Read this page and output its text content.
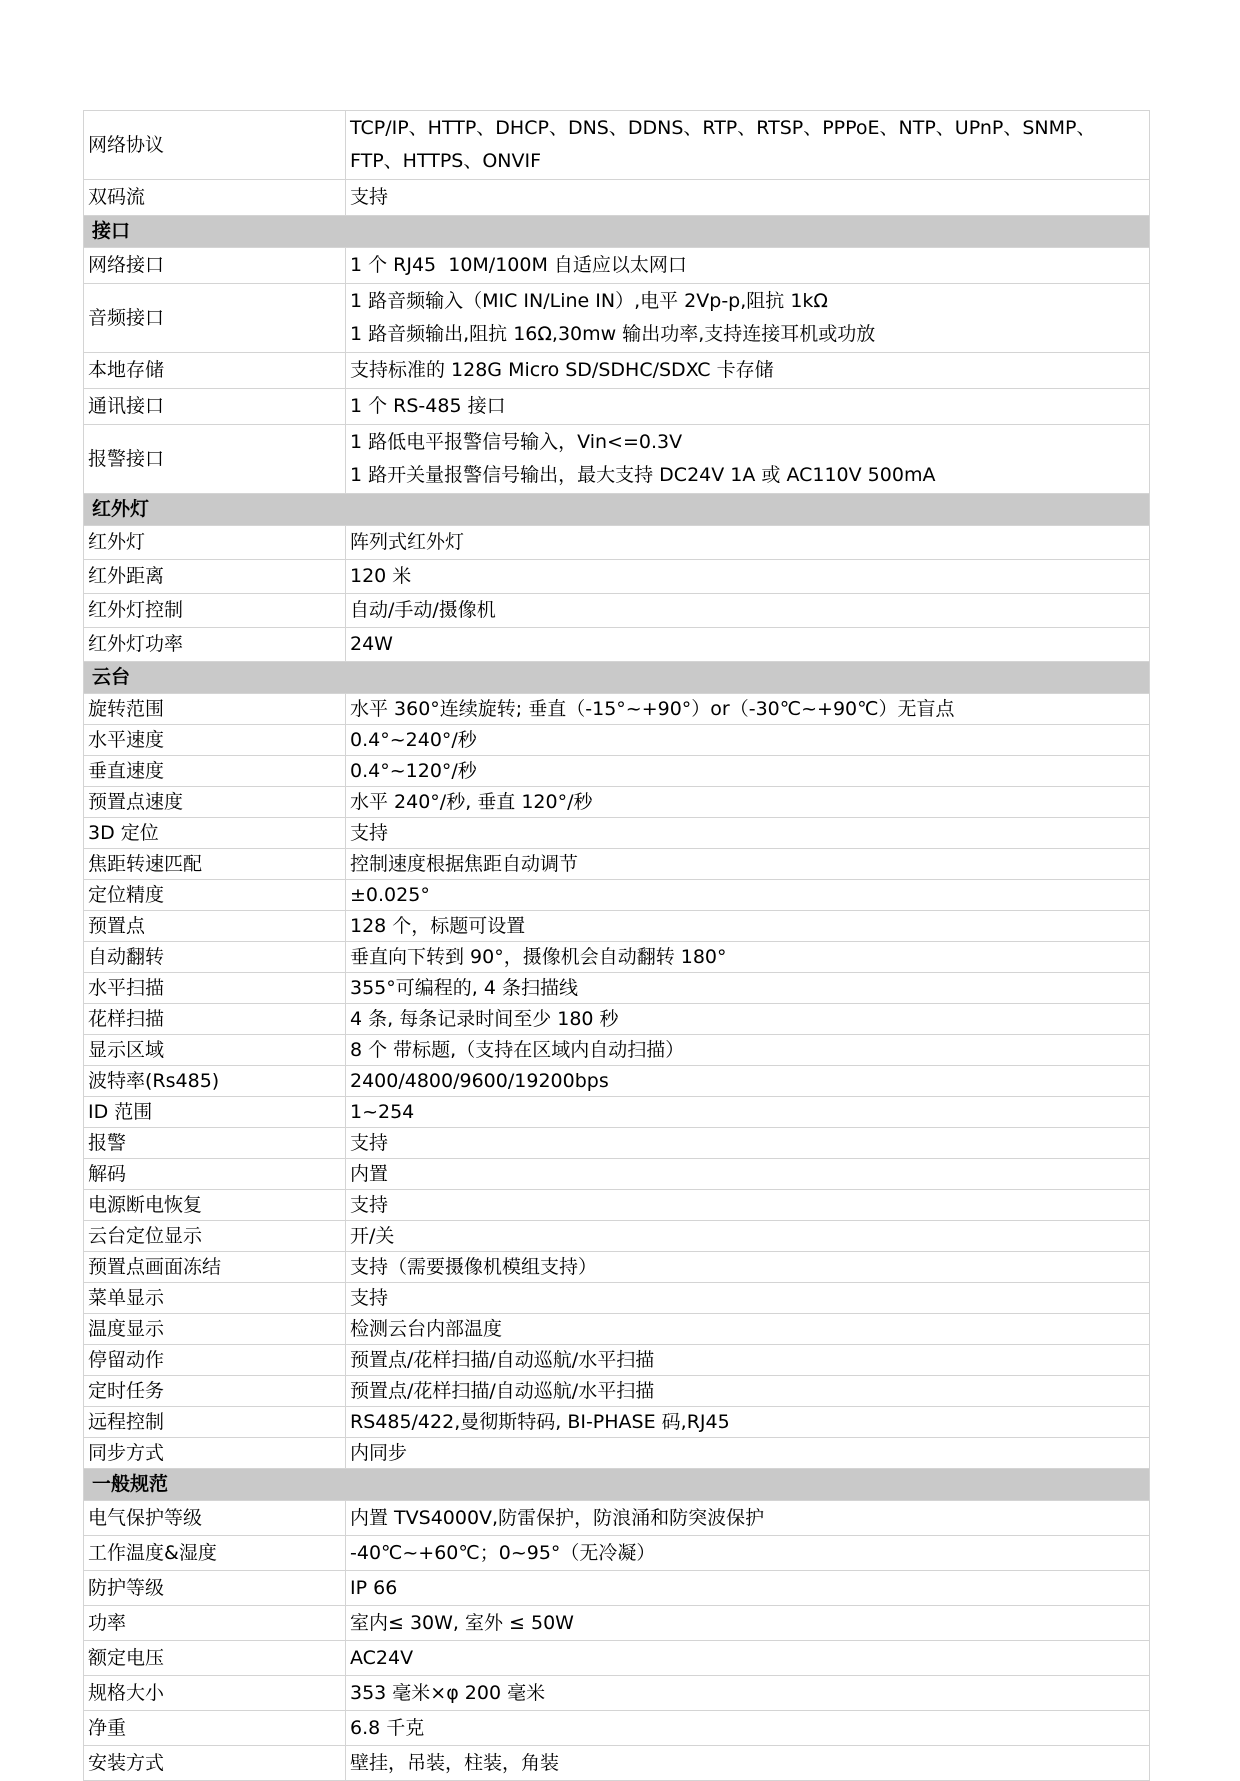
网络协议	TCP/IP、HTTP、DHCP、DNS、DDNS、RTP、RTSP、PPPoE、NTP、UPnP、SNMP、FTP、HTTPS、ONVIF

双码流	支持

接口	
网络接口	1 个 RJ45  10M/100M 自适应以太网口

音频接口	1 路音频输入（MIC IN/Line IN）,电平 2Vp-p,阻抗 1kΩ
1 路音频输出,阻抗 16Ω,30mw 输出功率,支持连接耳机或功放

本地存储	支持标准的 128G Micro SD/SDHC/SDXC 卡存储

通讯接口	1 个 RS-485 接口

报警接口	1 路低电平报警信号输入，Vin<=0.3V
1 路开关量报警信号输出，最大支持 DC24V 1A 或 AC110V 500mA

红外灯	
红外灯	阵列式红外灯

红外距离	120 米

红外灯控制	自动/手动/摄像机

红外灯功率	24W

云台	
旋转范围	水平 360°连续旋转; 垂直（-15°~+90°）or（-30℃~+90℃）无盲点

水平速度	0.4°~240°/秒

垂直速度	0.4°~120°/秒

预置点速度	水平 240°/秒, 垂直 120°/秒

3D 定位	支持

焦距转速匹配	控制速度根据焦距自动调节

定位精度	±0.025°

预置点	128 个，标题可设置

自动翻转	垂直向下转到 90°，摄像机会自动翻转 180°

水平扫描	355°可编程的, 4 条扫描线

花样扫描	4 条, 每条记录时间至少 180 秒

显示区域	8 个 带标题,（支持在区域内自动扫描）

波特率(Rs485)	2400/4800/9600/19200bps

ID 范围	1~254

报警	支持

解码	内置

电源断电恢复	支持

云台定位显示	开/关

预置点画面冻结	支持（需要摄像机模组支持）

菜单显示	支持

温度显示	检测云台内部温度

停留动作	预置点/花样扫描/自动巡航/水平扫描

定时任务	预置点/花样扫描/自动巡航/水平扫描

远程控制	RS485/422,曼彻斯特码, BI-PHASE 码,RJ45

同步方式	内同步

一般规范	
电气保护等级	内置 TVS4000V,防雷保护，防浪涌和防突波保护

工作温度&湿度	-40℃~+60℃；0~95°（无冷凝）

防护等级	IP 66

功率	室内≤ 30W, 室外 ≤ 50W

额定电压	AC24V

规格大小	353 毫米×φ 200 毫米

净重	6.8 千克

安装方式	壁挂，吊装，柱装，角装
